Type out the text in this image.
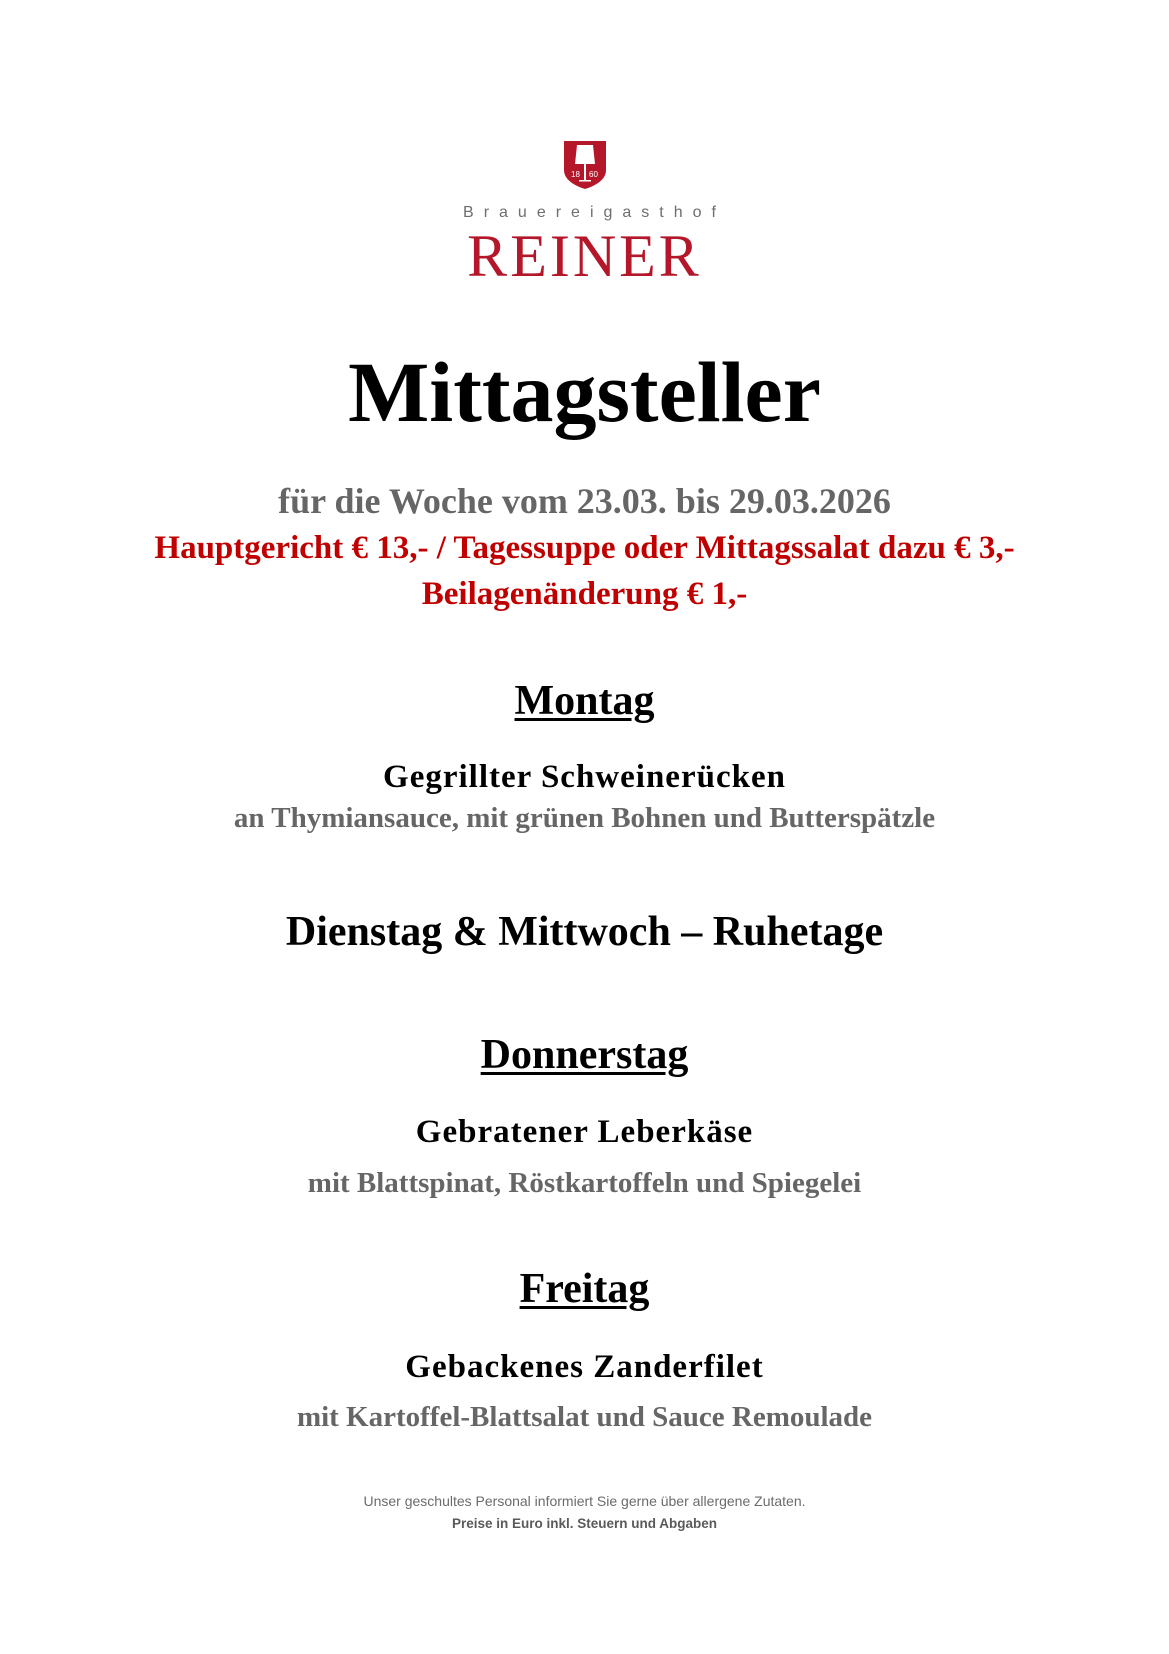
18 60
Brauereigasthof
REINER
Mittagsteller
für die Woche vom 23.03. bis 29.03.2026
Hauptgericht € 13,- / Tagessuppe oder Mittagssalat dazu € 3,-
Beilagenänderung € 1,-
Montag
Gegrillter Schweinerücken
an Thymiansauce, mit grünen Bohnen und Butterspätzle
Dienstag & Mittwoch – Ruhetage
Donnerstag
Gebratener Leberkäse
mit Blattspinat, Röstkartoffeln und Spiegelei
Freitag
Gebackenes Zanderfilet
mit Kartoffel-Blattsalat und Sauce Remoulade
Unser geschultes Personal informiert Sie gerne über allergene Zutaten.
Preise in Euro inkl. Steuern und Abgaben
